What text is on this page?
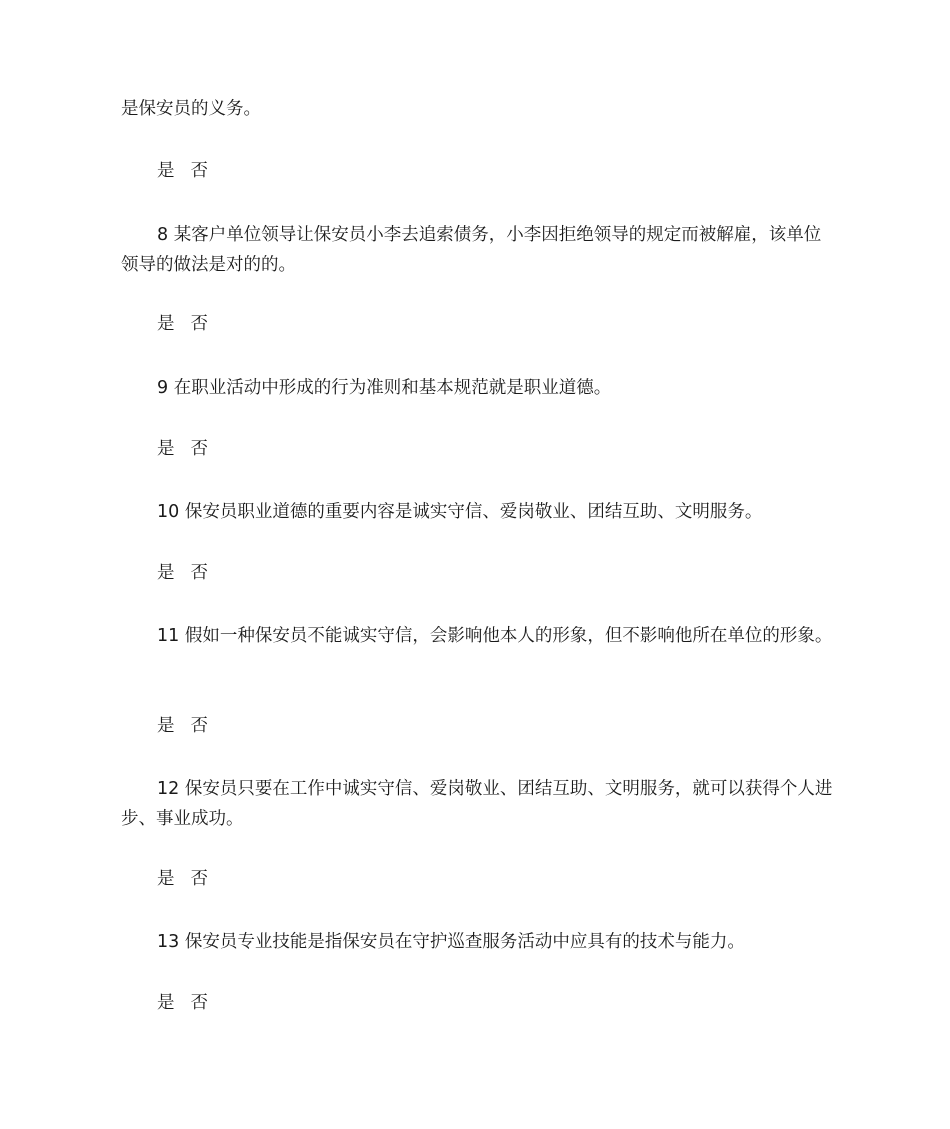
是保安员的义务。
是 否
8 某客户单位领导让保安员小李去追索债务，小李因拒绝领导的规定而被解雇，该单位领导的做法是对的的。
是 否
9 在职业活动中形成的行为准则和基本规范就是职业道德。
是 否
10 保安员职业道德的重要内容是诚实守信、爱岗敬业、团结互助、文明服务。
是 否
11 假如一种保安员不能诚实守信，会影响他本人的形象，但不影响他所在单位的形象。
是 否
12 保安员只要在工作中诚实守信、爱岗敬业、团结互助、文明服务，就可以获得个人进步、事业成功。
是 否
13 保安员专业技能是指保安员在守护巡查服务活动中应具有的技术与能力。
是 否
